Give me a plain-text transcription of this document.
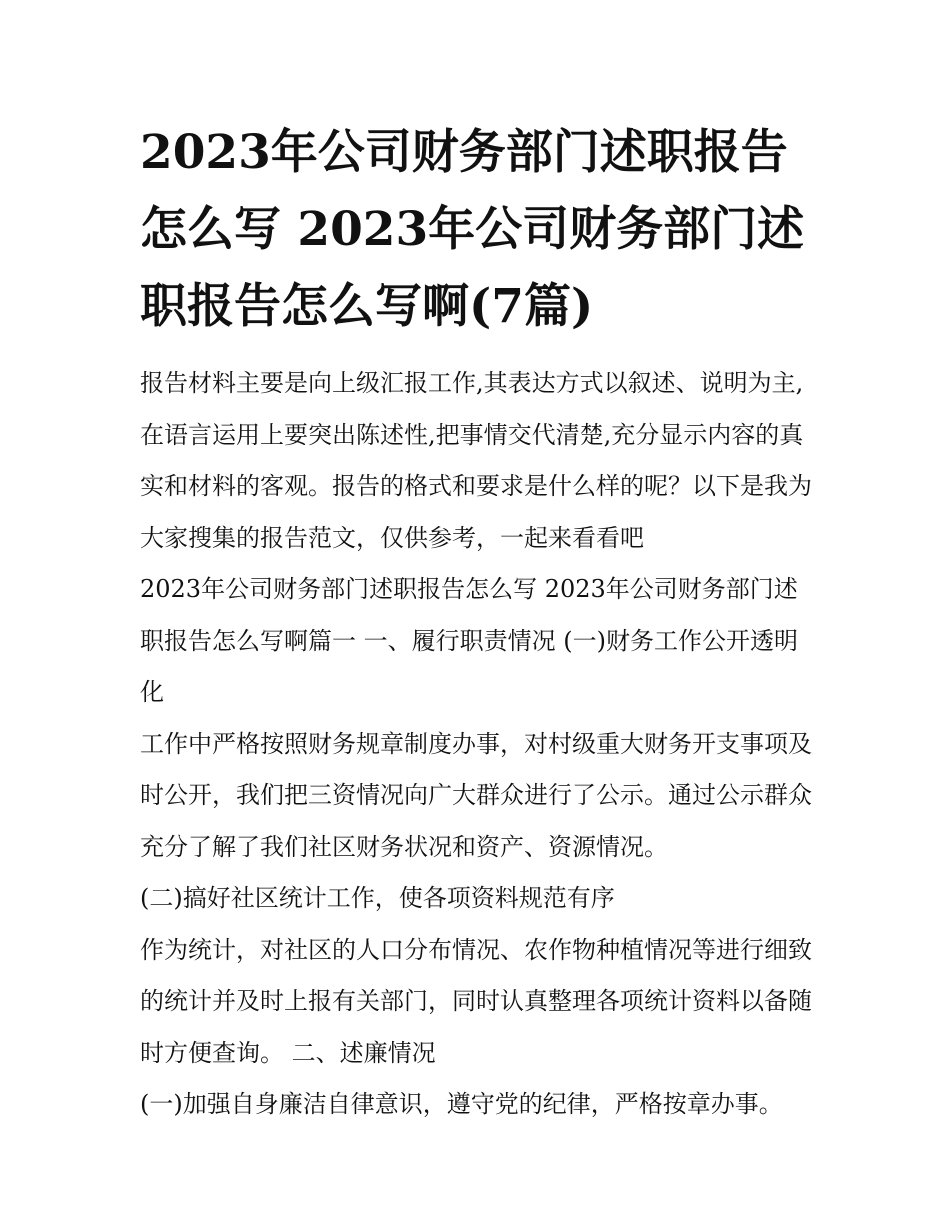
2023年公司财务部门述职报告怎么写 2023年公司财务部门述职报告怎么写啊(7篇)

报告材料主要是向上级汇报工作,其表达方式以叙述、说明为主,在语言运用上要突出陈述性,把事情交代清楚,充分显示内容的真实和材料的客观。报告的格式和要求是什么样的呢？以下是我为大家搜集的报告范文，仅供参考，一起来看看吧

2023年公司财务部门述职报告怎么写 2023年公司财务部门述职报告怎么写啊篇一 一、履行职责情况 (一)财务工作公开透明化

工作中严格按照财务规章制度办事，对村级重大财务开支事项及时公开，我们把三资情况向广大群众进行了公示。通过公示群众充分了解了我们社区财务状况和资产、资源情况。

(二)搞好社区统计工作，使各项资料规范有序

作为统计，对社区的人口分布情况、农作物种植情况等进行细致的统计并及时上报有关部门，同时认真整理各项统计资料以备随时方便查询。 二、述廉情况

(一)加强自身廉洁自律意识，遵守党的纪律，严格按章办事。
